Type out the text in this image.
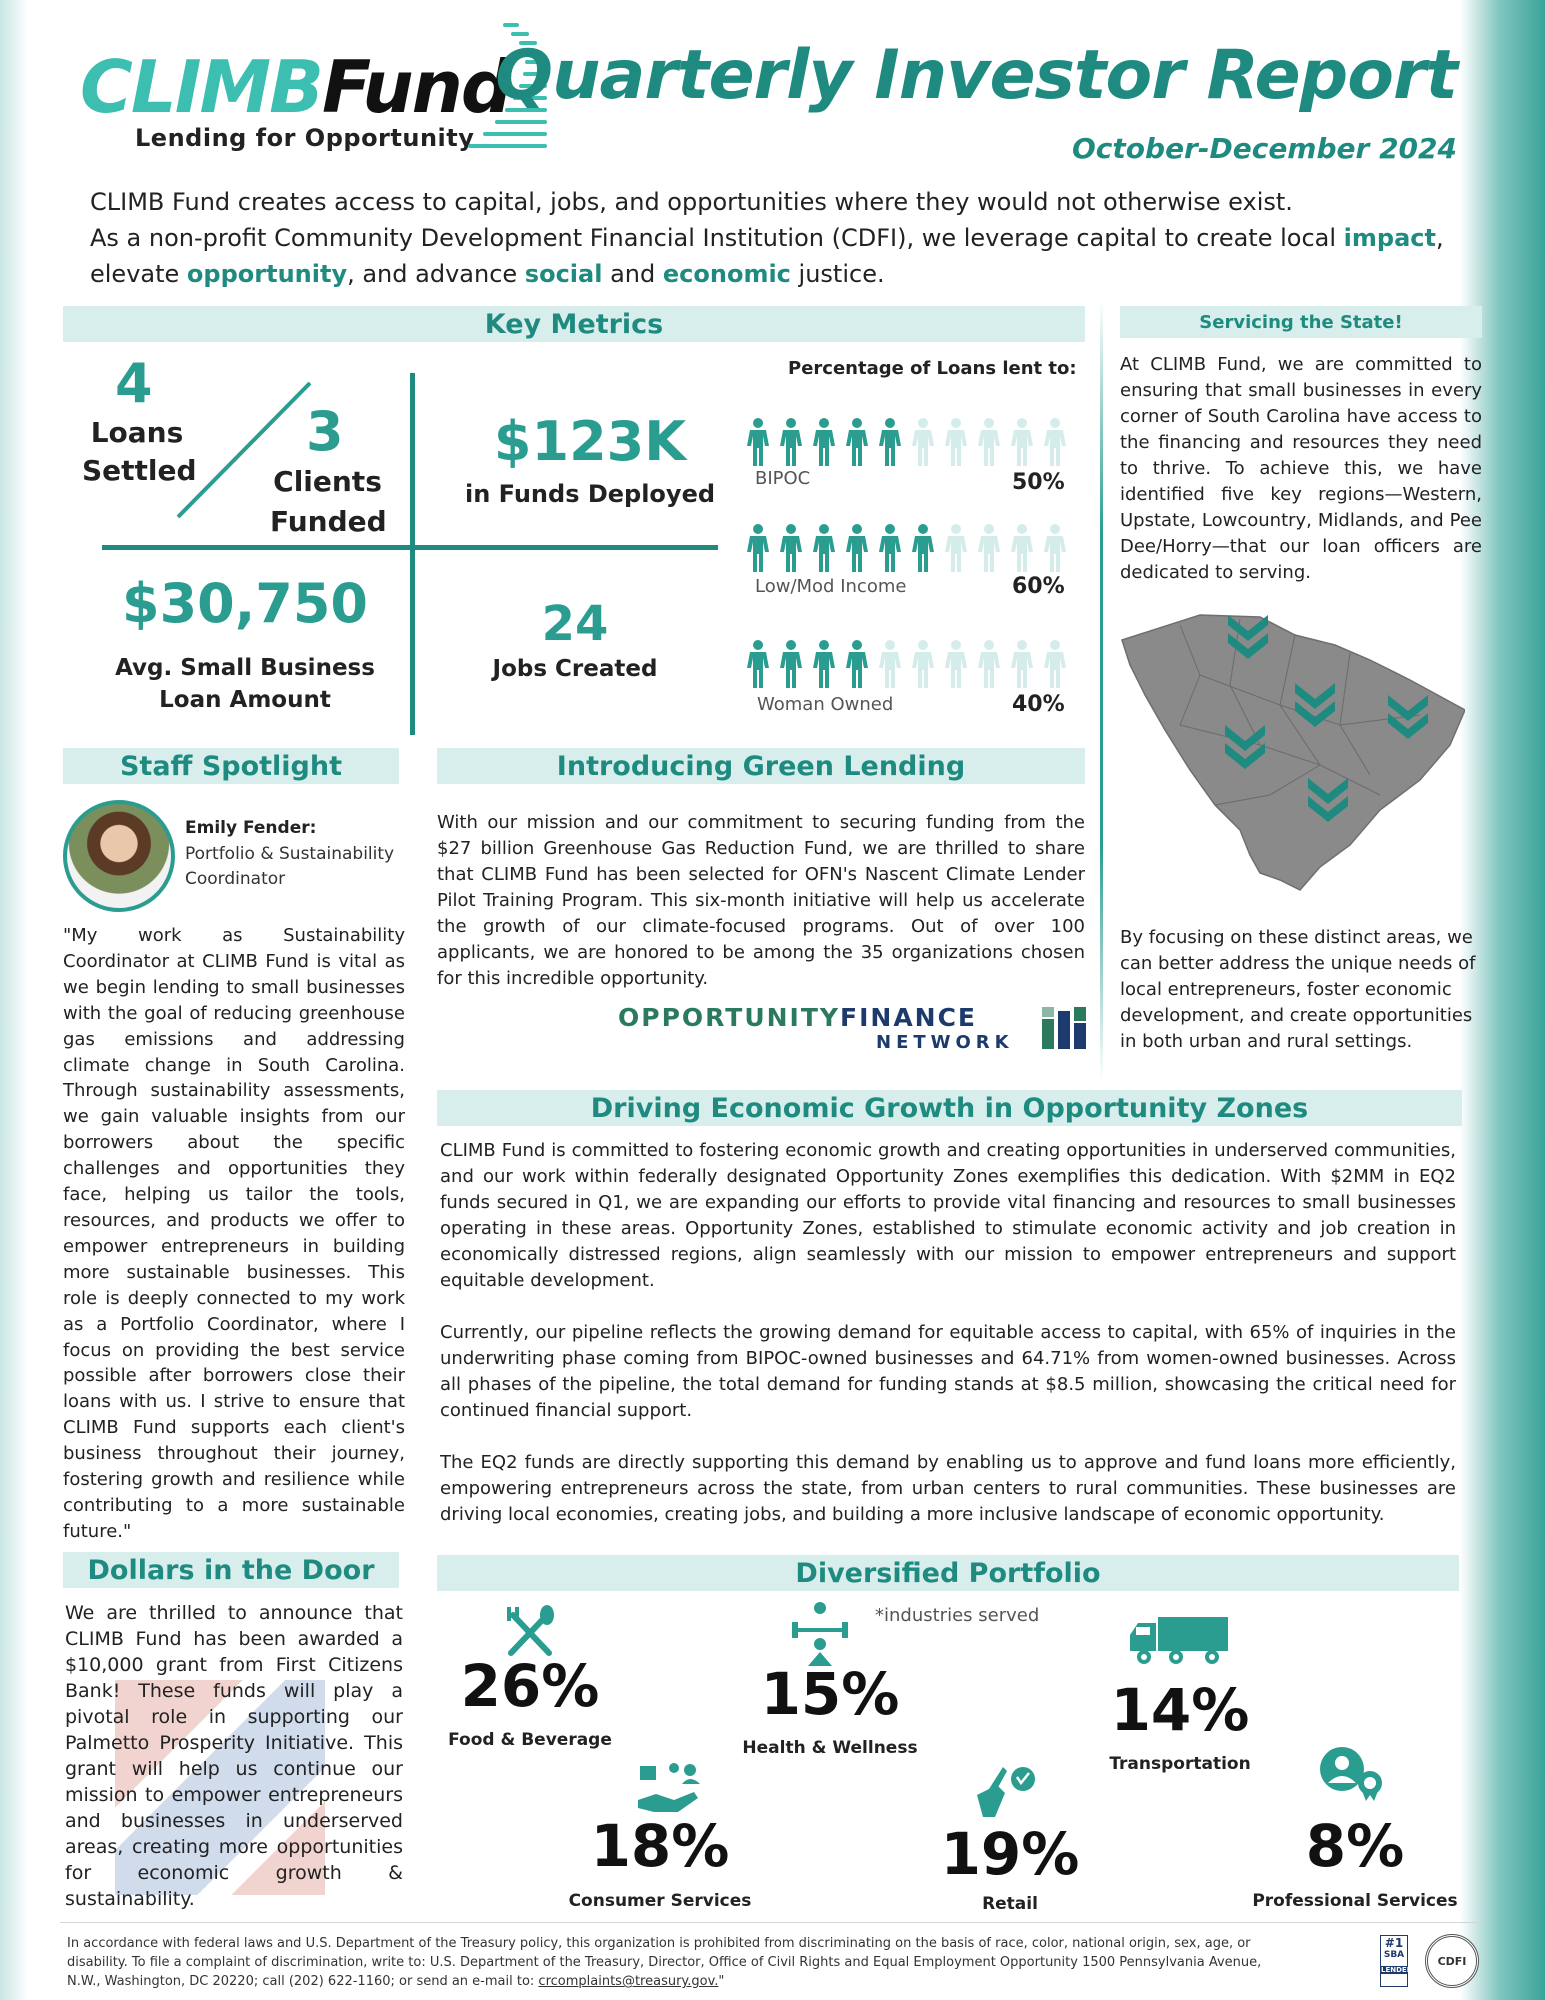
CLIMBFund
Lending for Opportunity
Quarterly Investor Report
October-December 2024
CLIMB Fund creates access to capital, jobs, and opportunities where they would not otherwise exist.
As a non-profit Community Development Financial Institution (CDFI), we leverage capital to create local impact,
elevate opportunity, and advance social and economic justice.
Key Metrics
4
Loans
Settled
3
Clients
Funded
$123K
in Funds Deployed
$30,750
Avg. Small Business
Loan Amount
24
Jobs Created
Percentage of Loans lent to:
BIPOC	50%
Low/Mod Income	60%
Woman Owned	40%
Servicing the State!
At CLIMB Fund, we are committed to ensuring that small businesses in every corner of South Carolina have access to the financing and resources they need to thrive. To achieve this, we have identified five key regions—Western, Upstate, Lowcountry, Midlands, and Pee Dee/Horry—that our loan officers are dedicated to serving.
By focusing on these distinct areas, we can better address the unique needs of local entrepreneurs, foster economic development, and create opportunities in both urban and rural settings.
Staff Spotlight
Emily Fender:
Portfolio & Sustainability
Coordinator
"My work as Sustainability Coordinator at CLIMB Fund is vital as we begin lending to small businesses with the goal of reducing greenhouse gas emissions and addressing climate change in South Carolina. Through sustainability assessments, we gain valuable insights from our borrowers about the specific challenges and opportunities they face, helping us tailor the tools, resources, and products we offer to empower entrepreneurs in building more sustainable businesses. This role is deeply connected to my work as a Portfolio Coordinator, where I focus on providing the best service possible after borrowers close their loans with us. I strive to ensure that CLIMB Fund supports each client's business throughout their journey, fostering growth and resilience while contributing to a more sustainable future."
Introducing Green Lending
With our mission and our commitment to securing funding from the $27 billion Greenhouse Gas Reduction Fund, we are thrilled to share that CLIMB Fund has been selected for OFN's Nascent Climate Lender Pilot Training Program. This six-month initiative will help us accelerate the growth of our climate-focused programs. Out of over 100 applicants, we are honored to be among the 35 organizations chosen for this incredible opportunity.
OPPORTUNITYFINANCE
NETWORK
Driving Economic Growth in Opportunity Zones
CLIMB Fund is committed to fostering economic growth and creating opportunities in underserved communities, and our work within federally designated Opportunity Zones exemplifies this dedication. With $2MM in EQ2 funds secured in Q1, we are expanding our efforts to provide vital financing and resources to small businesses operating in these areas. Opportunity Zones, established to stimulate economic activity and job creation in economically distressed regions, align seamlessly with our mission to empower entrepreneurs and support equitable development.
Currently, our pipeline reflects the growing demand for equitable access to capital, with 65% of inquiries in the underwriting phase coming from BIPOC-owned businesses and 64.71% from women-owned businesses. Across all phases of the pipeline, the total demand for funding stands at $8.5 million, showcasing the critical need for continued financial support.
The EQ2 funds are directly supporting this demand by enabling us to approve and fund loans more efficiently, empowering entrepreneurs across the state, from urban centers to rural communities. These businesses are driving local economies, creating jobs, and building a more inclusive landscape of economic opportunity.
Dollars in the Door
We are thrilled to announce that CLIMB Fund has been awarded a $10,000 grant from First Citizens Bank! These funds will play a pivotal role in supporting our Palmetto Prosperity Initiative. This grant will help us continue our mission to empower entrepreneurs and businesses in underserved areas, creating more opportunities for economic growth & sustainability.
Diversified Portfolio
*industries served
26%
Food & Beverage
15%
Health & Wellness
14%
Transportation
18%
Consumer Services
19%
Retail
8%
Professional Services
In accordance with federal laws and U.S. Department of the Treasury policy, this organization is prohibited from discriminating on the basis of race, color, national origin, sex, age, or disability. To file a complaint of discrimination, write to: U.S. Department of the Treasury, Director, Office of Civil Rights and Equal Employment Opportunity 1500 Pennsylvania Avenue, N.W., Washington, DC 20220; call (202) 622-1160; or send an e-mail to: crcomplaints@treasury.gov."
#1
SBA
LENDER
CDFI
